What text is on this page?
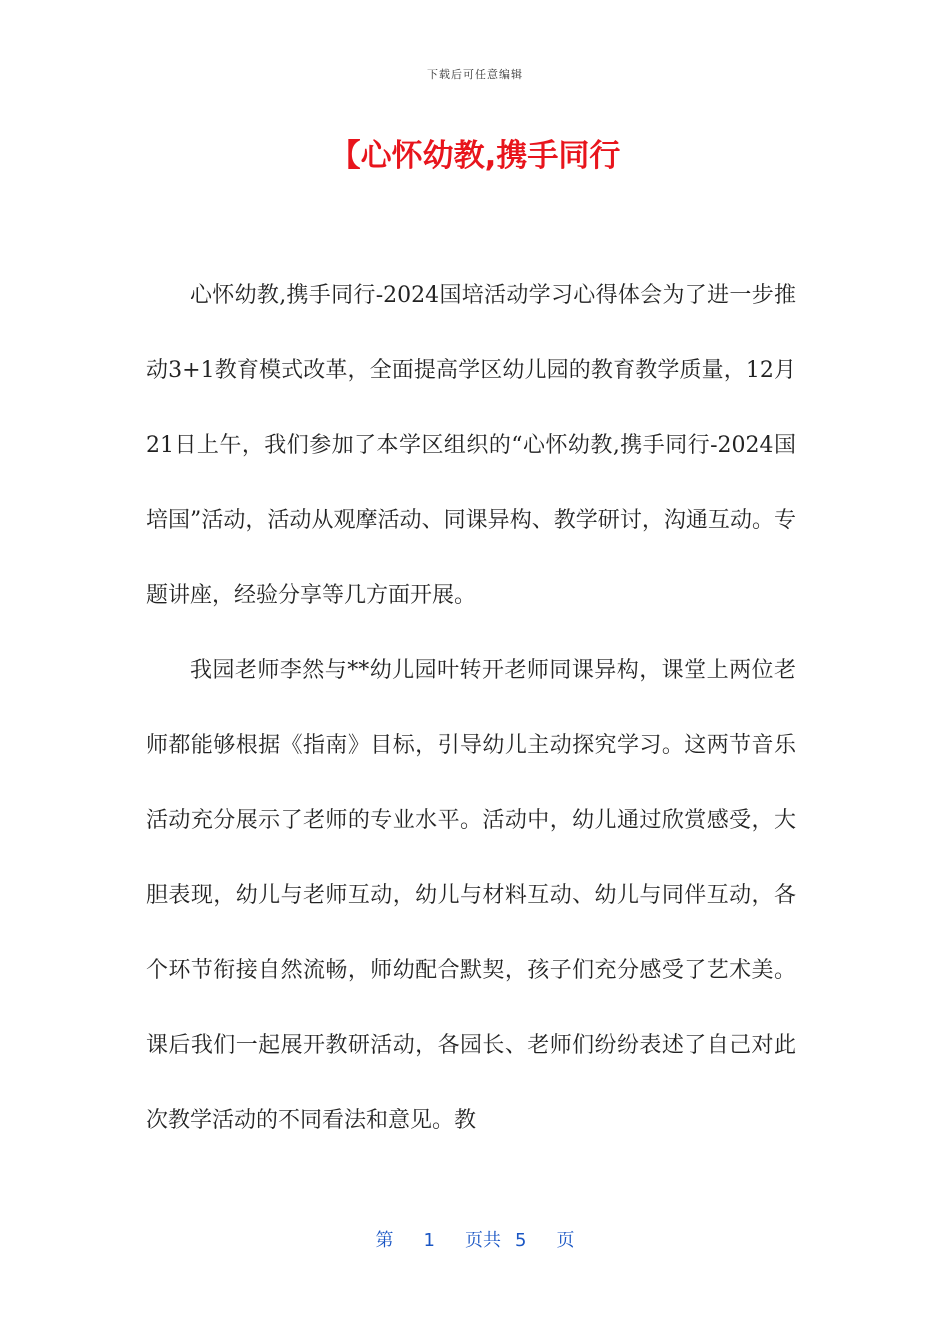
下载后可任意编辑
【心怀幼教,携手同行

心怀幼教,携手同行-2024国培活动学习心得体会为了进一步推动3+1教育模式改革，全面提高学区幼儿园的教育教学质量，12月21日上午，我们参加了本学区组织的“心怀幼教,携手同行-2024国培国”活动，活动从观摩活动、同课异构、教学研讨，沟通互动。专题讲座，经验分享等几方面开展。

我园老师李然与**幼儿园叶转开老师同课异构，课堂上两位老师都能够根据《指南》目标，引导幼儿主动探究学习。这两节音乐活动充分展示了老师的专业水平。活动中，幼儿通过欣赏感受，大胆表现，幼儿与老师互动，幼儿与材料互动、幼儿与同伴互动，各个环节衔接自然流畅，师幼配合默契，孩子们充分感受了艺术美。课后我们一起展开教研活动，各园长、老师们纷纷表述了自己对此次教学活动的不同看法和意见。教

第 1 页共 5 页
